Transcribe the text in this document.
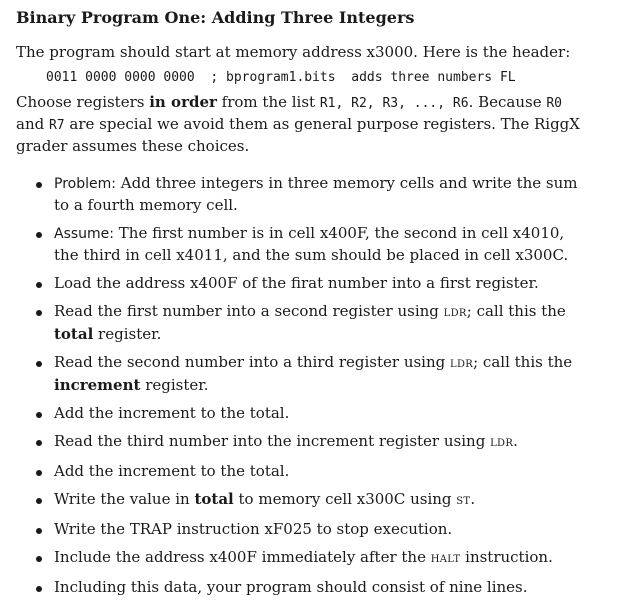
Binary Program One: Adding Three Integers

The program should start at memory address x3000. Here is the header:

0011 0000 0000 0000  ; bprogram1.bits  adds three numbers FL

Choose registers in order from the list R1, R2, R3, ..., R6. Because R0 and R7 are special we avoid them as general purpose registers. The RiggX grader assumes these choices.

Problem: Add three integers in three memory cells and write the sum to a fourth memory cell.
Assume: The first number is in cell x400F, the second in cell x4010, the third in cell x4011, and the sum should be placed in cell x300C.
Load the address x400F of the firat number into a first register.
Read the first number into a second register using LDR; call this the total register.
Read the second number into a third register using LDR; call this the increment register.
Add the increment to the total.
Read the third number into the increment register using LDR.
Add the increment to the total.
Write the value in total to memory cell x300C using ST.
Write the TRAP instruction xF025 to stop execution.
Include the address x400F immediately after the HALT instruction.
Including this data, your program should consist of nine lines.
